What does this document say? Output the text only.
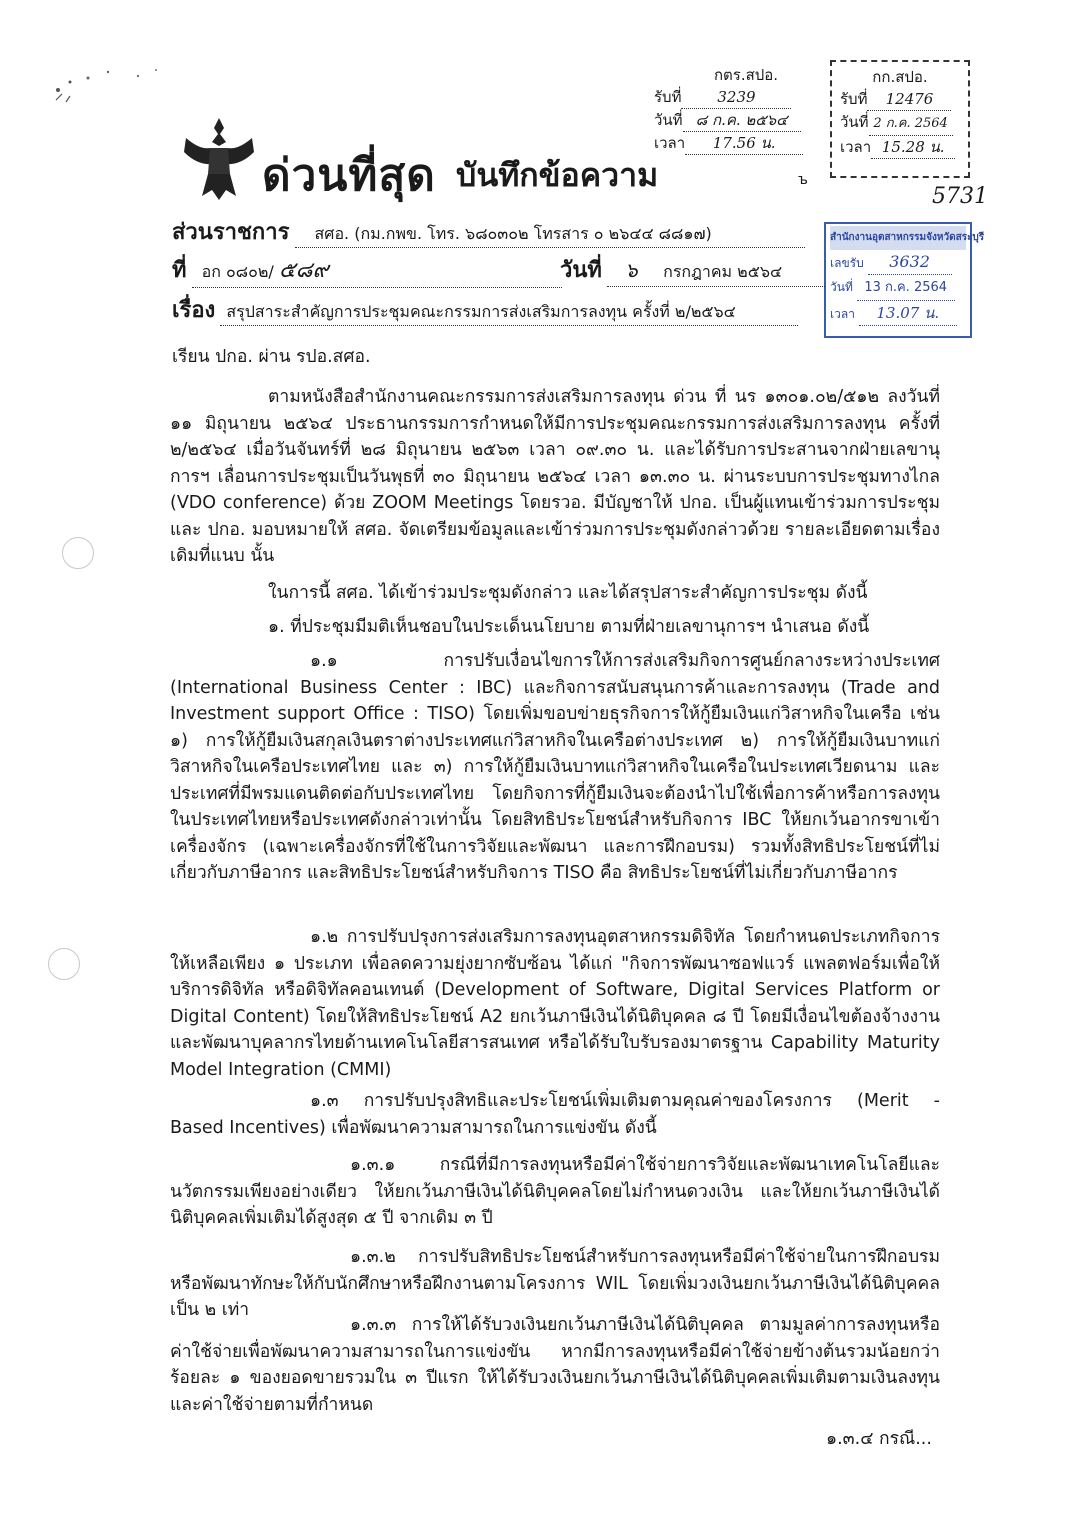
ด่วนที่สุด บันทึกข้อความ	ъ
5731
กตร.สปอ.
รับที่ 3239
วันที่ ๘ ก.ค. ๒๕๖๔
เวลา 17.56 น.
กก.สปอ.
รับที่ 12476
วันที่ 2 ก.ค. 2564
เวลา 15.28 น.
สำนักงานอุตสาหกรรมจังหวัดสระบุรี
เลขรับ 3632
วันที่ 13 ก.ค. 2564
เวลา 13.07 น.
ส่วนราชการ สศอ. (กม.กพข. โทร. ๖๘๐๓๐๒ โทรสาร ๐ ๒๖๔๔ ๘๘๑๗)
ที่ อก ๐๘๐๒/ ๕๘๙	วันที่ ๖ กรกฎาคม ๒๕๖๔
เรื่อง สรุปสาระสำคัญการประชุมคณะกรรมการส่งเสริมการลงทุน ครั้งที่ ๒/๒๕๖๔
เรียน ปกอ. ผ่าน รปอ.สศอ.
ตามหนังสือสำนักงานคณะกรรมการส่งเสริมการลงทุน ด่วน ที่ นร ๑๓๐๑.๐๒/๕๑๒ ลงวันที่ ๑๑ มิถุนายน ๒๕๖๔ ประธานกรรมการกำหนดให้มีการประชุมคณะกรรมการส่งเสริมการลงทุน ครั้งที่ ๒/๒๕๖๔ เมื่อวันจันทร์ที่ ๒๘ มิถุนายน ๒๕๖๓ เวลา ๐๙.๓๐ น. และได้รับการประสานจากฝ่ายเลขานุการฯ เลื่อนการประชุมเป็นวันพุธที่ ๓๐ มิถุนายน ๒๕๖๔ เวลา ๑๓.๓๐ น. ผ่านระบบการประชุมทางไกล (VDO conference) ด้วย ZOOM Meetings โดยรวอ. มีบัญชาให้ ปกอ. เป็นผู้แทนเข้าร่วมการประชุม และ ปกอ. มอบหมายให้ สศอ. จัดเตรียมข้อมูลและเข้าร่วมการประชุมดังกล่าวด้วย รายละเอียดตามเรื่องเดิมที่แนบ นั้น
ในการนี้ สศอ. ได้เข้าร่วมประชุมดังกล่าว และได้สรุปสาระสำคัญการประชุม ดังนี้
๑. ที่ประชุมมีมติเห็นชอบในประเด็นนโยบาย ตามที่ฝ่ายเลขานุการฯ นำเสนอ ดังนี้
๑.๑ การปรับเงื่อนไขการให้การส่งเสริมกิจการศูนย์กลางระหว่างประเทศ (International Business Center : IBC) และกิจการสนับสนุนการค้าและการลงทุน (Trade and Investment support Office : TISO) โดยเพิ่มขอบข่ายธุรกิจการให้กู้ยืมเงินแก่วิสาหกิจในเครือ เช่น ๑) การให้กู้ยืมเงินสกุลเงินตราต่างประเทศแก่วิสาหกิจในเครือต่างประเทศ ๒) การให้กู้ยืมเงินบาทแก่วิสาหกิจในเครือประเทศไทย และ ๓) การให้กู้ยืมเงินบาทแก่วิสาหกิจในเครือในประเทศเวียดนาม และประเทศที่มีพรมแดนติดต่อกับประเทศไทย โดยกิจการที่กู้ยืมเงินจะต้องนำไปใช้เพื่อการค้าหรือการลงทุนในประเทศไทยหรือประเทศดังกล่าวเท่านั้น โดยสิทธิประโยชน์สำหรับกิจการ IBC ให้ยกเว้นอากรขาเข้าเครื่องจักร (เฉพาะเครื่องจักรที่ใช้ในการวิจัยและพัฒนา และการฝึกอบรม) รวมทั้งสิทธิประโยชน์ที่ไม่เกี่ยวกับภาษีอากร และสิทธิประโยชน์สำหรับกิจการ TISO คือ สิทธิประโยชน์ที่ไม่เกี่ยวกับภาษีอากร
๑.๒ การปรับปรุงการส่งเสริมการลงทุนอุตสาหกรรมดิจิทัล โดยกำหนดประเภทกิจการให้เหลือเพียง ๑ ประเภท เพื่อลดความยุ่งยากซับซ้อน ได้แก่ "กิจการพัฒนาซอฟแวร์ แพลตฟอร์มเพื่อให้บริการดิจิทัล หรือดิจิทัลคอนเทนต์ (Development of Software, Digital Services Platform or Digital Content) โดยให้สิทธิประโยชน์ A2 ยกเว้นภาษีเงินได้นิติบุคคล ๘ ปี โดยมีเงื่อนไขต้องจ้างงานและพัฒนาบุคลากรไทยด้านเทคโนโลยีสารสนเทศ หรือได้รับใบรับรองมาตรฐาน Capability Maturity Model Integration (CMMI)
๑.๓ การปรับปรุงสิทธิและประโยชน์เพิ่มเติมตามคุณค่าของโครงการ (Merit - Based Incentives) เพื่อพัฒนาความสามารถในการแข่งขัน ดังนี้
๑.๓.๑ กรณีที่มีการลงทุนหรือมีค่าใช้จ่ายการวิจัยและพัฒนาเทคโนโลยีและนวัตกรรมเพียงอย่างเดียว ให้ยกเว้นภาษีเงินได้นิติบุคคลโดยไม่กำหนดวงเงิน และให้ยกเว้นภาษีเงินได้นิติบุคคลเพิ่มเติมได้สูงสุด ๕ ปี จากเดิม ๓ ปี
๑.๓.๒ การปรับสิทธิประโยชน์สำหรับการลงทุนหรือมีค่าใช้จ่ายในการฝึกอบรมหรือพัฒนาทักษะให้กับนักศึกษาหรือฝึกงานตามโครงการ WIL โดยเพิ่มวงเงินยกเว้นภาษีเงินได้นิติบุคคลเป็น ๒ เท่า
๑.๓.๓ การให้ได้รับวงเงินยกเว้นภาษีเงินได้นิติบุคคล ตามมูลค่าการลงทุนหรือค่าใช้จ่ายเพื่อพัฒนาความสามารถในการแข่งขัน หากมีการลงทุนหรือมีค่าใช้จ่ายข้างต้นรวมน้อยกว่าร้อยละ ๑ ของยอดขายรวมใน ๓ ปีแรก ให้ได้รับวงเงินยกเว้นภาษีเงินได้นิติบุคคลเพิ่มเติมตามเงินลงทุนและค่าใช้จ่ายตามที่กำหนด
๑.๓.๔ กรณี...
